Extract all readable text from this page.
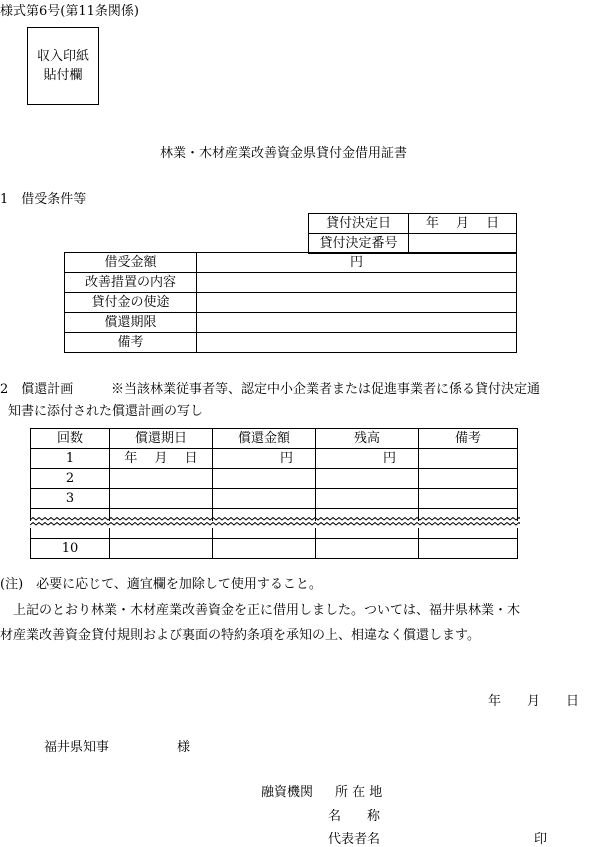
様式第6号(第11条関係)
収入印紙
貼付欄
林業・木材産業改善資金県貸付金借用証書
1　借受条件等
貸付決定日	年　 月　 日
貸付決定番号	
借受金額	円
改善措置の内容	
貸付金の使途	
償還期限	
備考	
2　償還計画	※当該林業従事者等、認定中小企業者または促進事業者に係る貸付決定通
知書に添付された償還計画の写し
回数	償還期日	償還金額	残高	備考
1	年　 月　 日	円	円	
2				
3				

10				
(注)　必要に応じて、適宜欄を加除して使用すること。
上記のとおり林業・木材産業改善資金を正に借用しました。ついては、福井県林業・木
材産業改善資金貸付規則および裏面の特約条項を承知の上、相違なく償還します。
年　　月　　日
福井県知事	様
融資機関 所 在 地
名　　称
代表者名	印
